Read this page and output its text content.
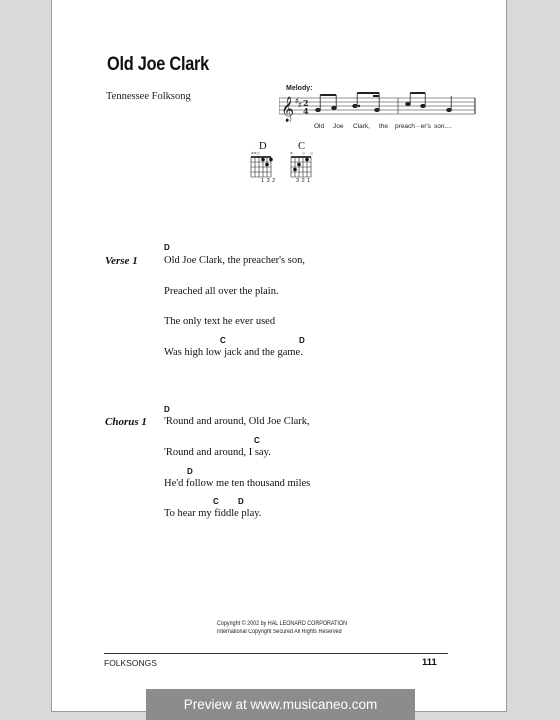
Old Joe Clark
Tennessee Folksong
Melody:
𝄞 ♯ ♯ 2
4
Old Joe Clark, the preach - er's son....
D
××○
1 3 2
C
× ○ ○
3 2 1
Verse 1
D
Old Joe Clark, the preacher's son,
Preached all over the plain.
The only text he ever used
C	D
Was high low jack and the game.
Chorus 1
D
'Round and around, Old Joe Clark,
C
'Round and around, I say.
D
He'd follow me ten thousand miles
C D
To hear my fiddle play.
Copyright © 2002 by HAL LEONARD CORPORATION
International Copyright Secured All Rights Reserved
FOLKSONGS	111
Preview at www.musicaneo.com
